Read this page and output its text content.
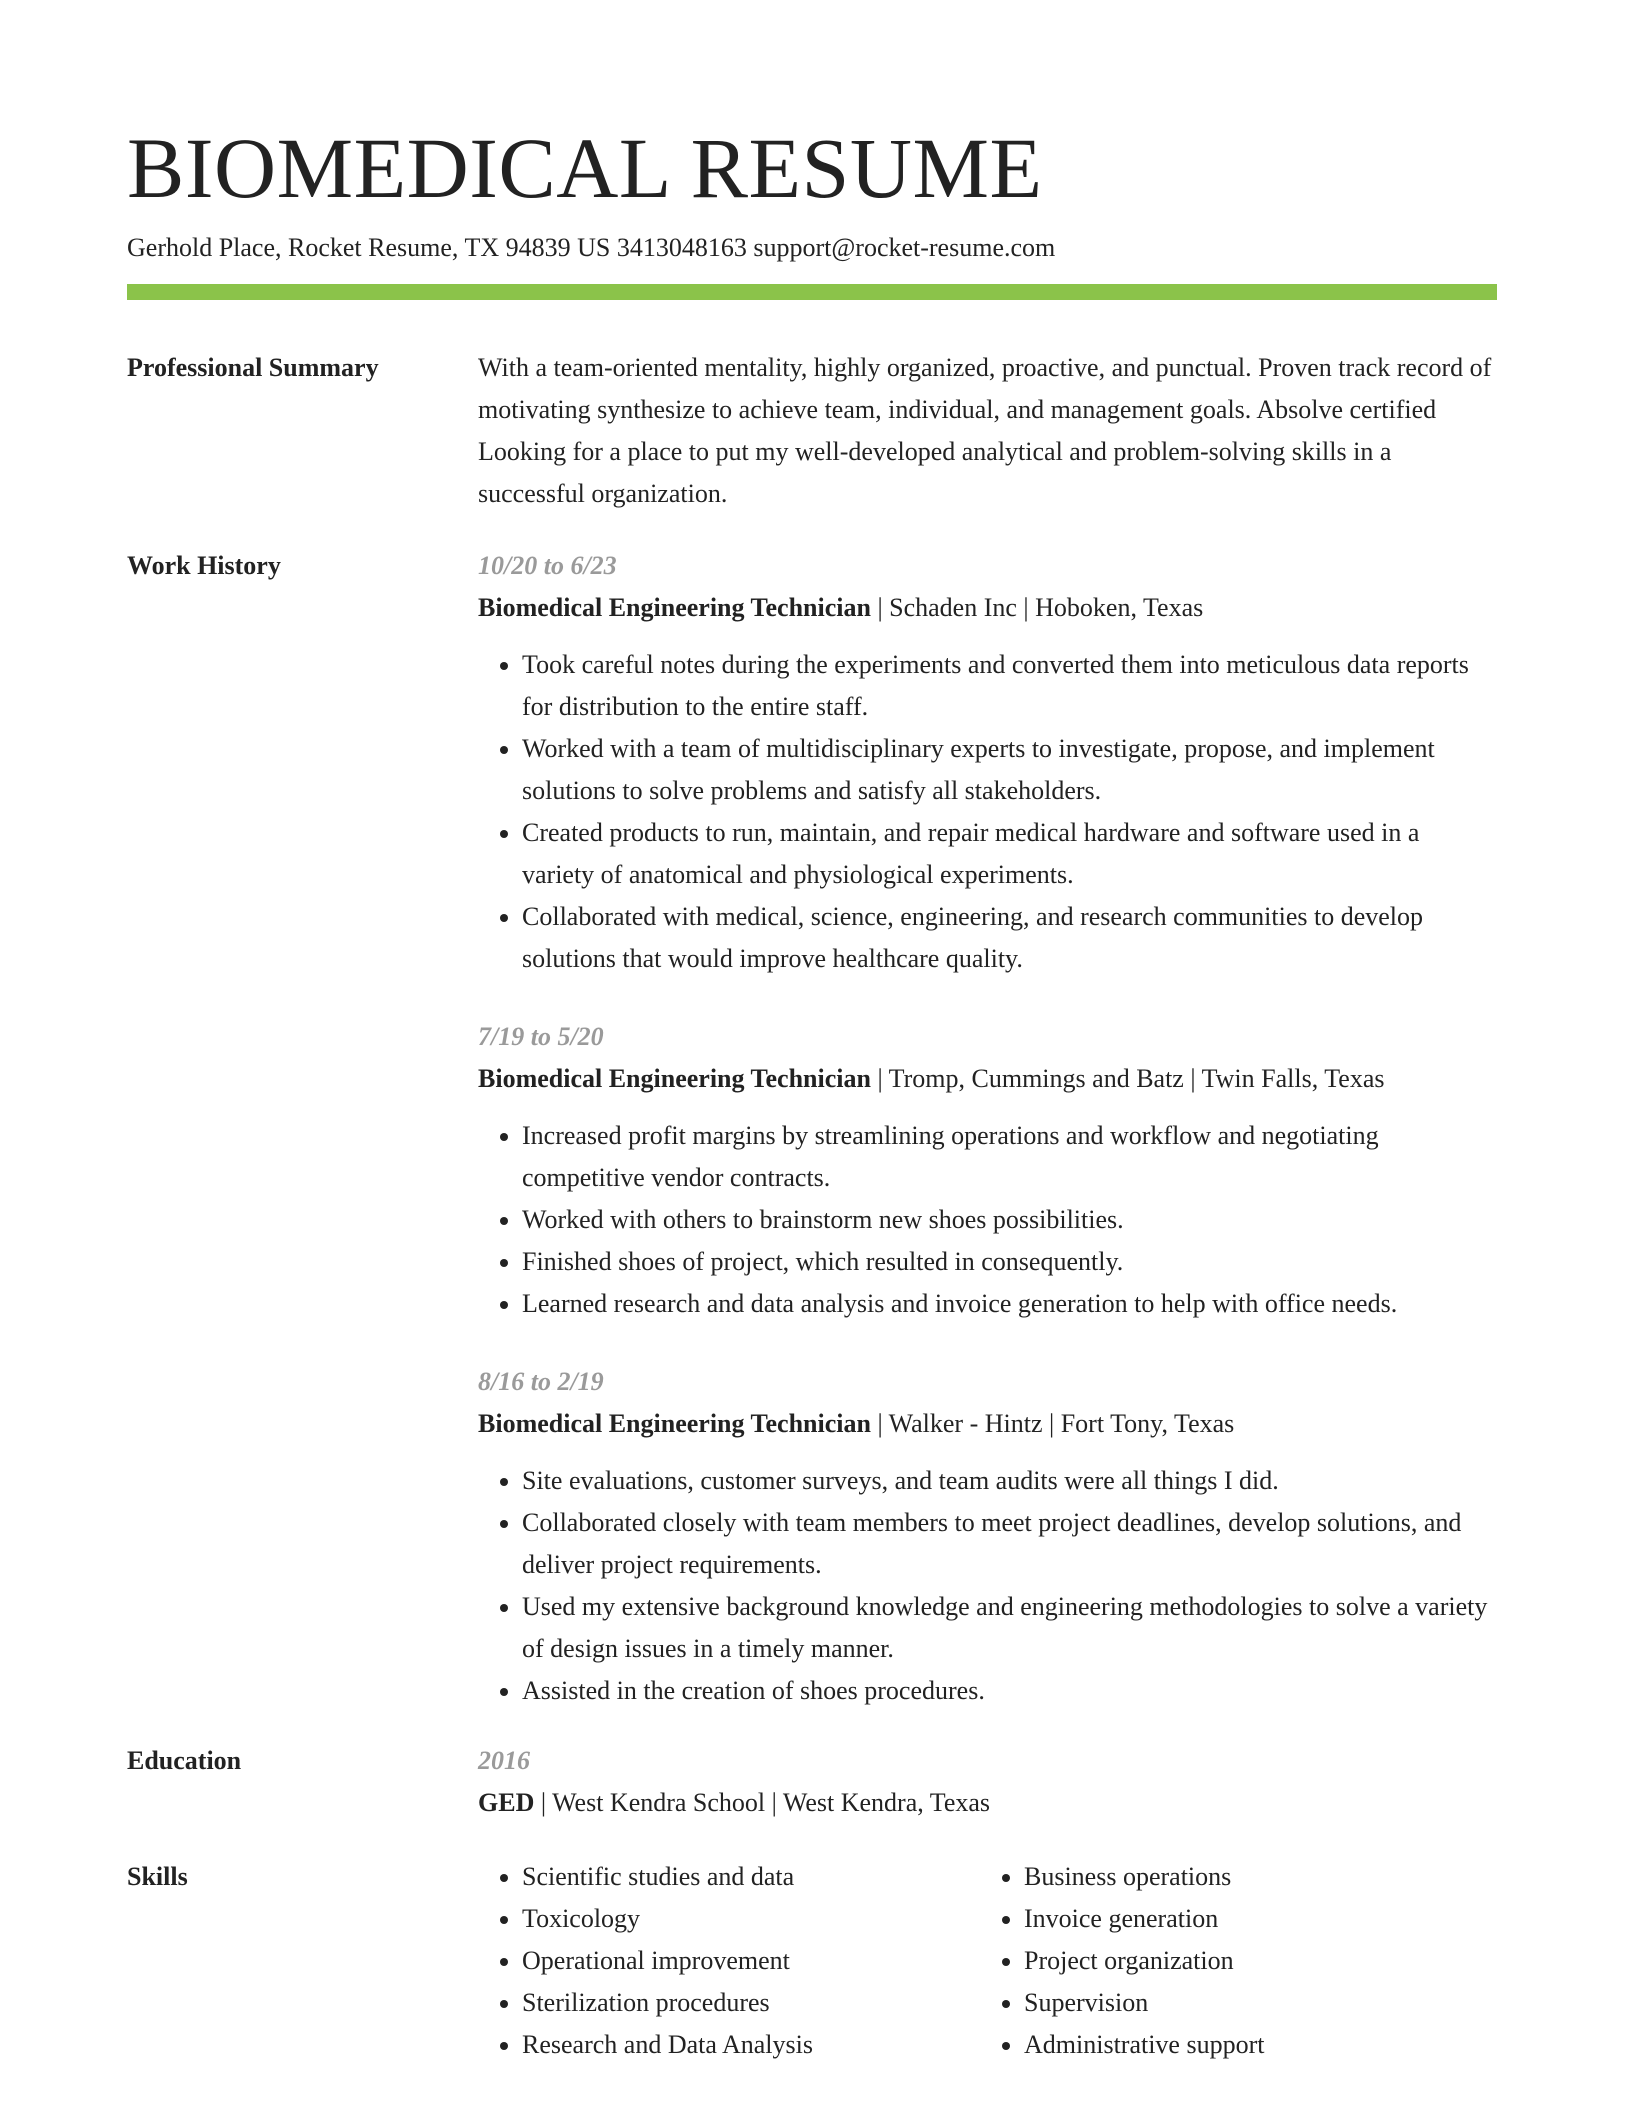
BIOMEDICAL RESUME
Gerhold Place, Rocket Resume, TX 94839 US 3413048163 support@rocket-resume.com
Professional Summary	With a team-oriented mentality, highly organized, proactive, and punctual. Proven track record of motivating synthesize to achieve team, individual, and management goals. Absolve certified Looking for a place to put my well-developed analytical and problem-solving skills in a successful organization.

Work History	10/20 to 6/23
Biomedical Engineering Technician | Schaden Inc | Hoboken, Texas
• Took careful notes during the experiments and converted them into meticulous data reports for distribution to the entire staff.
• Worked with a team of multidisciplinary experts to investigate, propose, and implement solutions to solve problems and satisfy all stakeholders.
• Created products to run, maintain, and repair medical hardware and software used in a variety of anatomical and physiological experiments.
• Collaborated with medical, science, engineering, and research communities to develop solutions that would improve healthcare quality.
7/19 to 5/20
Biomedical Engineering Technician | Tromp, Cummings and Batz | Twin Falls, Texas
• Increased profit margins by streamlining operations and workflow and negotiating competitive vendor contracts.
• Worked with others to brainstorm new shoes possibilities.
• Finished shoes of project, which resulted in consequently.
• Learned research and data analysis and invoice generation to help with office needs.
8/16 to 2/19
Biomedical Engineering Technician | Walker - Hintz | Fort Tony, Texas
• Site evaluations, customer surveys, and team audits were all things I did.
• Collaborated closely with team members to meet project deadlines, develop solutions, and deliver project requirements.
• Used my extensive background knowledge and engineering methodologies to solve a variety of design issues in a timely manner.
• Assisted in the creation of shoes procedures.
Education	2016
GED | West Kendra School | West Kendra, Texas
Skills
•	Scientific studies and data
• Toxicology
• Operational improvement
• Sterilization procedures
• Research and Data Analysis
• Business operations
• Invoice generation
• Project organization
• Supervision
• Administrative support
